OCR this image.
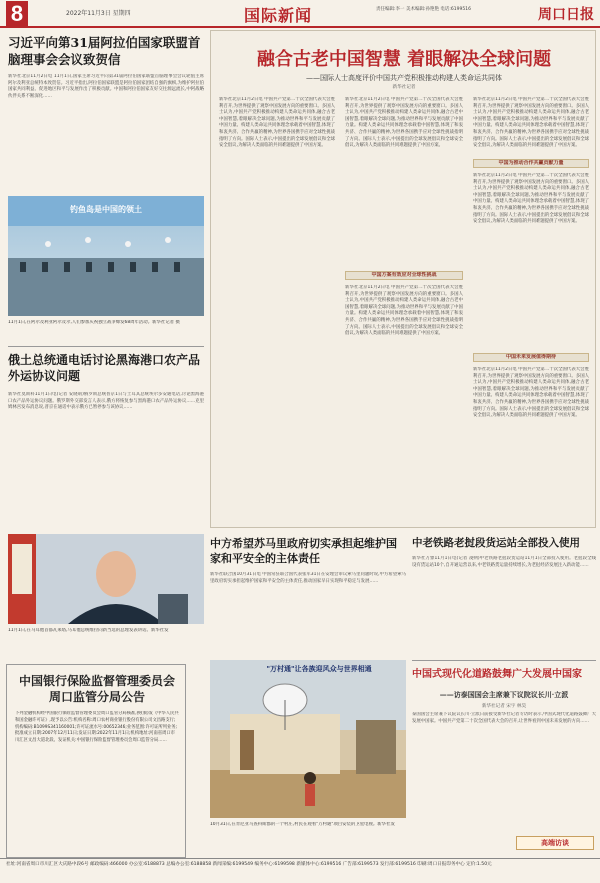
8	2022年11月3日 星期四	国际新闻	责任编辑:李一 美术编辑:孙艳艳 电话:6199516	周口日报
习近平向第31届阿拉伯国家联盟首脑理事会会议致贺信
新华社北京11月2日电 11月1日,国家主席习近平向第31届阿拉伯国家联盟首脑理事会会议轮值主席阿尔及利亚总统特本致贺信。习近平指出,阿拉伯国家联盟是阿拉伯国家团结自强的旗帜,为维护阿拉伯国家共同利益、促进地区和平与发展作出了积极贡献。中国和阿拉伯国家友好交往源远流长,中阿战略伙伴关系不断深化……
钓鱼岛是中国的领土
11月1日,在阿尔及利亚阿尔及尔,人们参加庆祝独立战争爆发68周年活动。新华社记者 摄
俄土总统通电话讨论黑海港口农产品外运协议问题
新华社莫斯科11月1日电(记者 安晓萌)俄罗斯总统普京1日与土耳其总统埃尔多安通电话,讨论黑海港口农产品外运协议问题。俄罗斯外交部发言人表示,俄方将恢复参与黑海港口农产品外运协议……克里姆林宫发布消息说,普京在通话中表示俄方已暂停参与该协议……
11月1日,在马耳他首都瓦莱塔,马耳他总统维拉向新当选的总理发表讲话。新华社发
中国银行保险监督管理委员会周口监管分局公告
下列金融机构经中国银行保险监督管理委员会周口监管分局核准,换(颁)发《中华人民共和国金融许可证》,现予以公告:机构名称:周口农村商业银行股份有限公司文昌路支行;机构编码:B1099S341160001;许可证流水号:00652346;业务范围:许可证所列业务;批准成立日期:2007年12月11日;发证日期:2022年11月1日;机构地址:河南省周口市川汇区文昌大道北段。发证机关:中国银行保险监督管理委员会周口监管分局……
融合古老中国智慧 着眼解决全球问题
——国际人士高度评价中国共产党积极推动构建人类命运共同体
新华社记者
新华社北京11月2日电 中国共产党第二十次全国代表大会胜利召开,为世界提供了观察中国发展方向的重要窗口。多国人士认为,中国共产党积极推动构建人类命运共同体,融合古老中国智慧,着眼解决全球问题,为推动世界和平与发展贡献了中国力量。构建人类命运共同体理念承载着中国智慧,体现了和衷共济、合作共赢的精神,为世界各国携手应对全球性挑战指明了方向。国际人士表示,中国提出的全球发展倡议和全球安全倡议,为解决人类面临的共同难题提供了中国方案。
中国方案有效应对全球性挑战
新华社北京11月2日电 中国共产党第二十次全国代表大会胜利召开,为世界提供了观察中国发展方向的重要窗口。多国人士认为,中国共产党积极推动构建人类命运共同体,融合古老中国智慧,着眼解决全球问题,为推动世界和平与发展贡献了中国力量。构建人类命运共同体理念承载着中国智慧,体现了和衷共济、合作共赢的精神,为世界各国携手应对全球性挑战指明了方向。国际人士表示,中国提出的全球发展倡议和全球安全倡议,为解决人类面临的共同难题提供了中国方案。
新华社北京11月2日电 中国共产党第二十次全国代表大会胜利召开,为世界提供了观察中国发展方向的重要窗口。多国人士认为,中国共产党积极推动构建人类命运共同体,融合古老中国智慧,着眼解决全球问题,为推动世界和平与发展贡献了中国力量。构建人类命运共同体理念承载着中国智慧,体现了和衷共济、合作共赢的精神,为世界各国携手应对全球性挑战指明了方向。国际人士表示,中国提出的全球发展倡议和全球安全倡议,为解决人类面临的共同难题提供了中国方案。
中国为推动合作共赢贡献力量
中国未来发展值得期待
新华社北京11月2日电 中国共产党第二十次全国代表大会胜利召开,为世界提供了观察中国发展方向的重要窗口。多国人士认为,中国共产党积极推动构建人类命运共同体,融合古老中国智慧,着眼解决全球问题,为推动世界和平与发展贡献了中国力量。构建人类命运共同体理念承载着中国智慧,体现了和衷共济、合作共赢的精神,为世界各国携手应对全球性挑战指明了方向。国际人士表示,中国提出的全球发展倡议和全球安全倡议,为解决人类面临的共同难题提供了中国方案。
新华社北京11月2日电 中国共产党第二十次全国代表大会胜利召开,为世界提供了观察中国发展方向的重要窗口。多国人士认为,中国共产党积极推动构建人类命运共同体,融合古老中国智慧,着眼解决全球问题,为推动世界和平与发展贡献了中国力量。构建人类命运共同体理念承载着中国智慧,体现了和衷共济、合作共赢的精神,为世界各国携手应对全球性挑战指明了方向。国际人士表示,中国提出的全球发展倡议和全球安全倡议,为解决人类面临的共同难题提供了中国方案。
新华社北京11月2日电 中国共产党第二十次全国代表大会胜利召开,为世界提供了观察中国发展方向的重要窗口。多国人士认为,中国共产党积极推动构建人类命运共同体,融合古老中国智慧,着眼解决全球问题,为推动世界和平与发展贡献了中国力量。构建人类命运共同体理念承载着中国智慧,体现了和衷共济、合作共赢的精神,为世界各国携手应对全球性挑战指明了方向。国际人士表示,中国提出的全球发展倡议和全球安全倡议,为解决人类面临的共同难题提供了中国方案。
中方希望苏马里政府切实承担起维护国家和平安全的主体责任
新华社联合国10月31日电 中国常驻联合国代表张军31日在安理会审议索马里问题时说,中方希望索马里政府切实承担起维护国家和平安全的主体责任,推动国家早日实现和平稳定与发展……
"万村通"让各族迎风众与世界相通
10月31日,在肯尼亚马查科斯郡的一个村庄,村民在观看"万村通"项目安装的卫星电视。新华社发
中老铁路老挝段货运站全部投入使用
新华社万象11月1日电(记者 凌朔)中老铁路老挝段货运站11月1日全部投入使用。老挝段全线设有货运站10个,自开通运营以来,中老铁路货运量持续增长,为老挝经济发展注入新动能……
中国式现代化道路鼓舞广大发展中国家
——访泰国国会主席兼下议院议长川·立派
新华社记者 宋宇 林昊
泰国国会主席兼下议院议长川·立派日前接受新华社记者专访时表示,中国式现代化道路鼓舞广大发展中国家。中国共产党第二十次全国代表大会的召开,让世界看到中国未来发展的方向……
高端访谈
社址:河南省周口市川汇区大庆路中段6号 邮政编码:466000 办公室:6188873 总编办公室:6188858 新闻采编:6199549 编务中心:6199598 新媒体中心:6199516 广告部:6199573 发行部:6199516 印刷:周口日报印务中心 定价:1.50元
